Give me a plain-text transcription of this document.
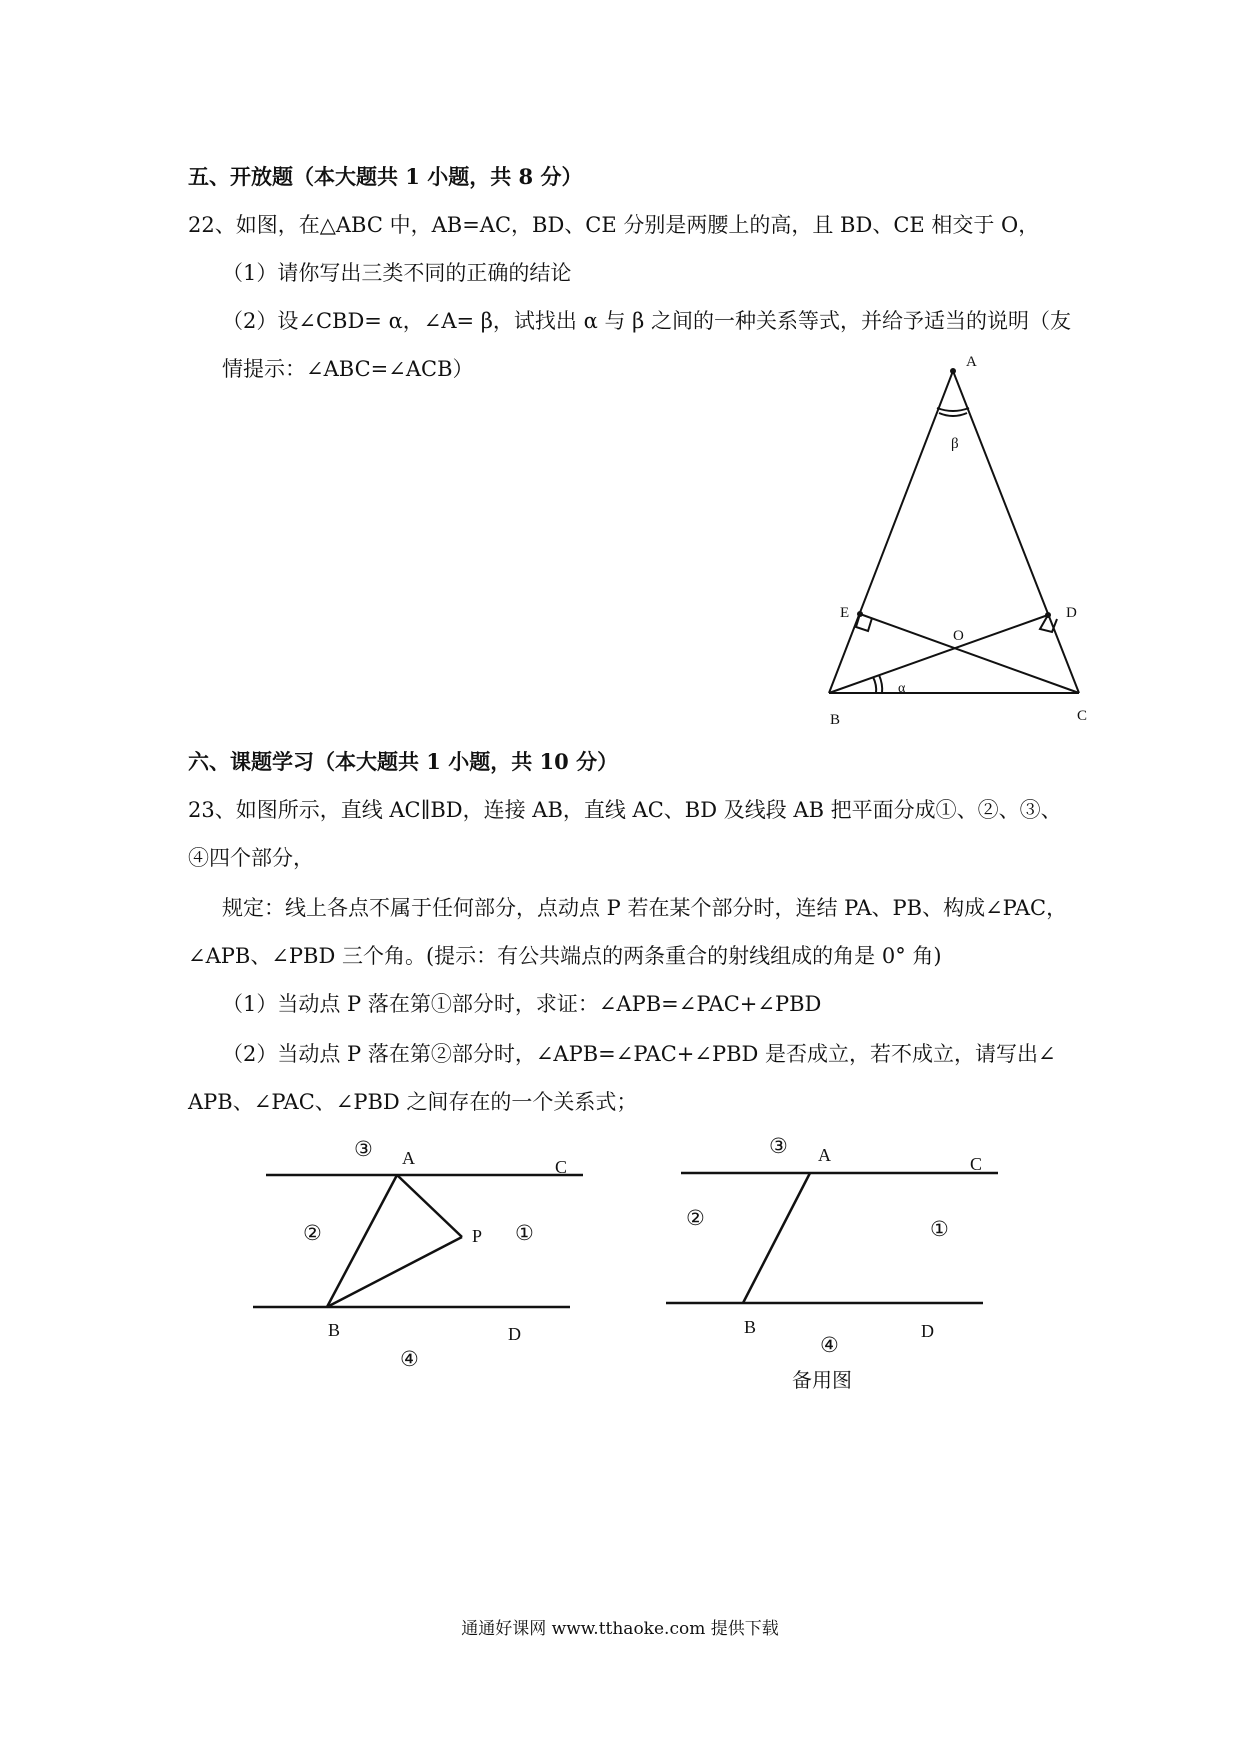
五、开放题（本大题共 1 小题，共 8 分）
22、如图，在△ABC 中，AB=AC，BD、CE 分别是两腰上的高，且 BD、CE 相交于 O，
（1）请你写出三类不同的正确的结论
（2）设∠CBD= α，∠A= β，试找出 α 与 β 之间的一种关系等式，并给予适当的说明（友
情提示：∠ABC=∠ACB）	A
β
E	D
O
α
B	C
六、课题学习（本大题共 1 小题，共 10 分）
23、如图所示，直线 AC∥BD，连接 AB，直线 AC、BD 及线段 AB 把平面分成①、②、③、
④四个部分，
规定：线上各点不属于任何部分，点动点 P 若在某个部分时，连结 PA、PB、构成∠PAC，
∠APB、∠PBD 三个角。(提示：有公共端点的两条重合的射线组成的角是 0° 角)
（1）当动点 P 落在第①部分时，求证：∠APB=∠PAC+∠PBD
（2）当动点 P 落在第②部分时，∠APB=∠PAC+∠PBD 是否成立，若不成立，请写出∠
APB、∠PAC、∠PBD 之间存在的一个关系式；
③ A	C
②	P ①
B	D
④
③ A	C
②	①
B	D
④
备用图
通通好课网 www.tthaoke.com 提供下载
